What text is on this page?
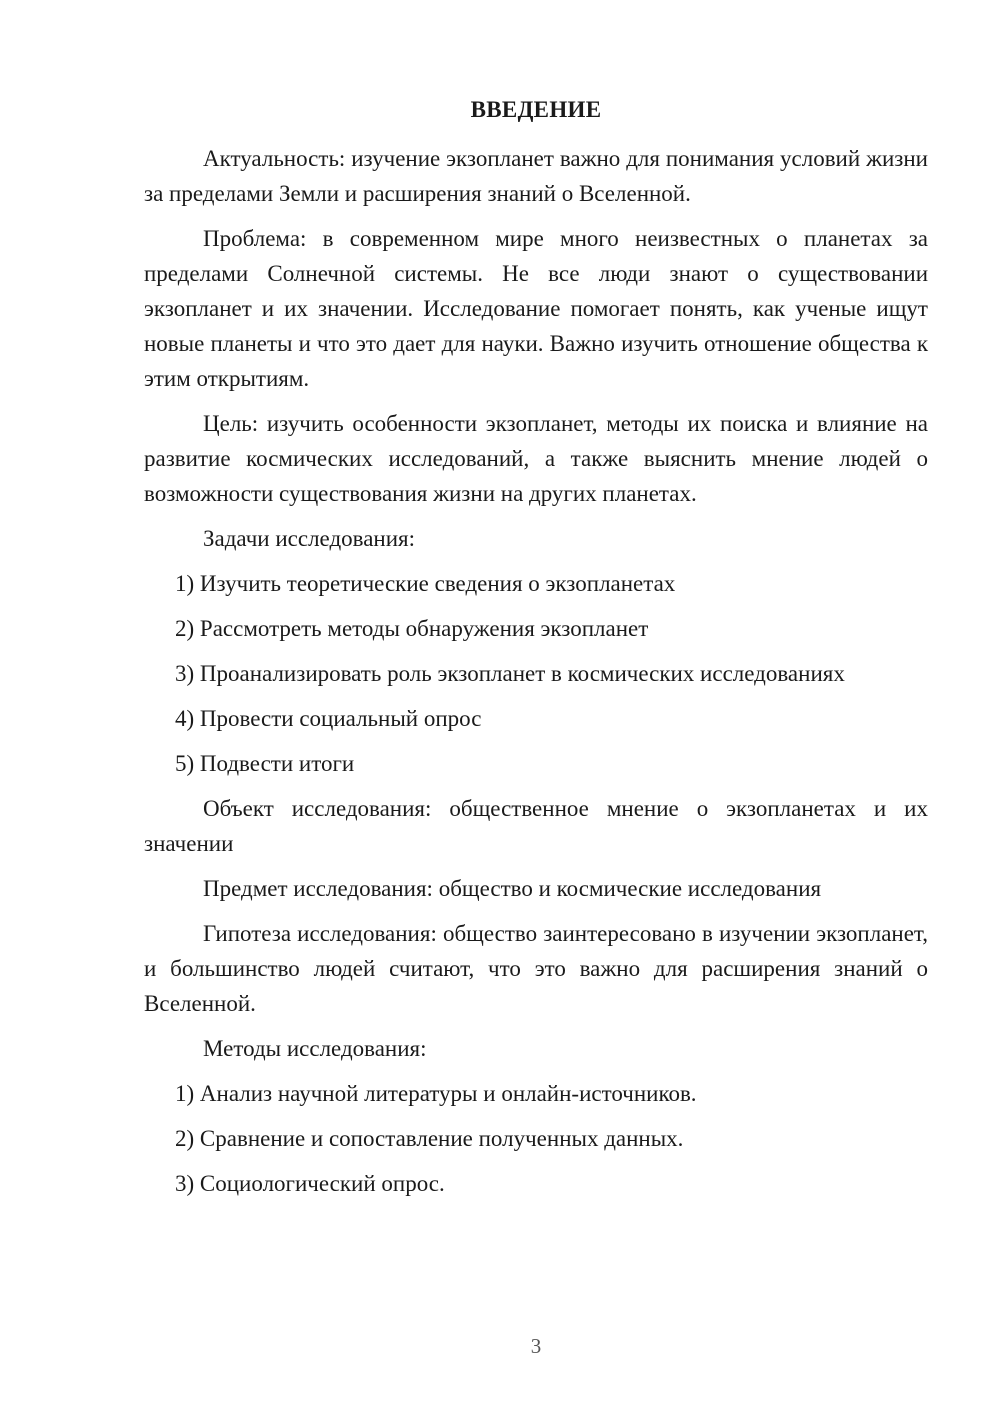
ВВЕДЕНИЕ

Актуальность: изучение экзопланет важно для понимания условий жизни за пределами Земли и расширения знаний о Вселенной.

Проблема: в современном мире много неизвестных о планетах за пределами Солнечной системы. Не все люди знают о существовании экзопланет и их значении. Исследование помогает понять, как ученые ищут новые планеты и что это дает для науки. Важно изучить отношение общества к этим открытиям.

Цель: изучить особенности экзопланет, методы их поиска и влияние на развитие космических исследований, а также выяснить мнение людей о возможности существования жизни на других планетах.

Задачи исследования:

1) Изучить теоретические сведения о экзопланетах
2) Рассмотреть методы обнаружения экзопланет
3) Проанализировать роль экзопланет в космических исследованиях
4) Провести социальный опрос
5) Подвести итоги

Объект исследования: общественное мнение о экзопланетах и их значении

Предмет исследования: общество и космические исследования

Гипотеза исследования: общество заинтересовано в изучении экзопланет, и большинство людей считают, что это важно для расширения знаний о Вселенной.

Методы исследования:

1) Анализ научной литературы и онлайн-источников.
2) Сравнение и сопоставление полученных данных.
3) Социологический опрос.
3
